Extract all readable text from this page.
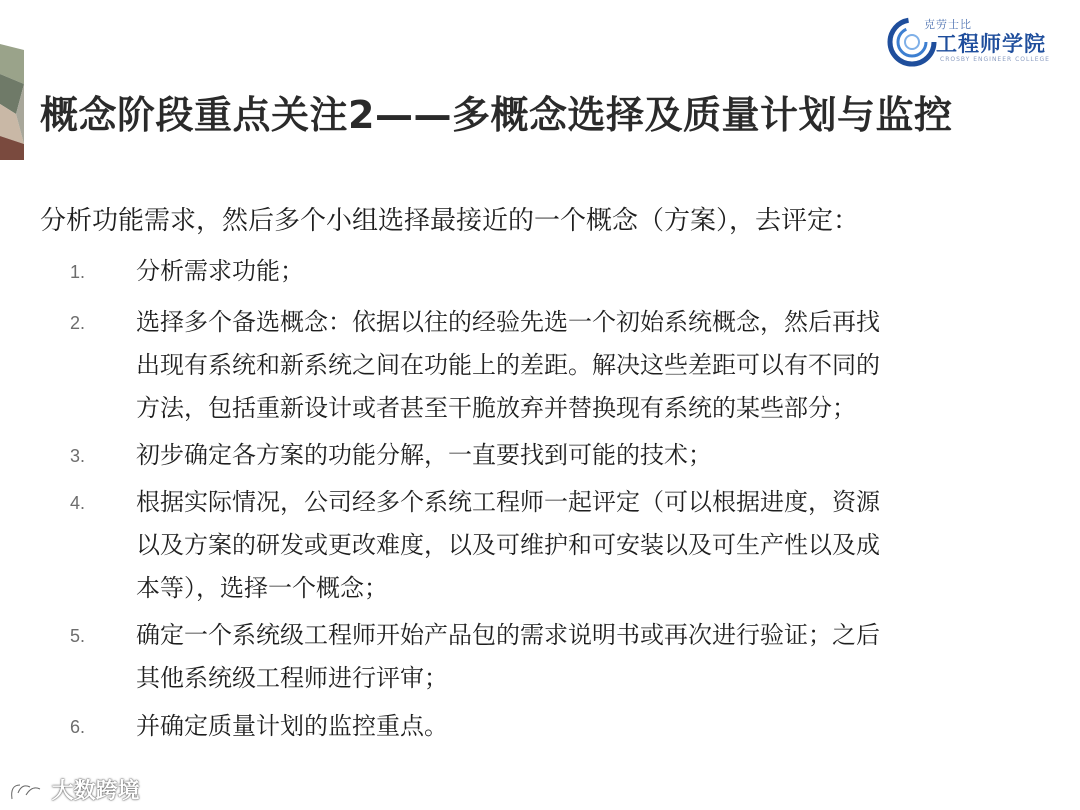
克劳士比
工程师学院
CROSBY ENGINEER COLLEGE
概念阶段重点关注2——多概念选择及质量计划与监控
分析功能需求，然后多个小组选择最接近的一个概念（方案），去评定：
1.	分析需求功能；
2.	选择多个备选概念：依据以往的经验先选一个初始系统概念，然后再找
出现有系统和新系统之间在功能上的差距。解决这些差距可以有不同的
方法，包括重新设计或者甚至干脆放弃并替换现有系统的某些部分；
3.	初步确定各方案的功能分解，一直要找到可能的技术；
4.	根据实际情况，公司经多个系统工程师一起评定（可以根据进度，资源
以及方案的研发或更改难度，以及可维护和可安装以及可生产性以及成
本等），选择一个概念；
5.	确定一个系统级工程师开始产品包的需求说明书或再次进行验证；之后
其他系统级工程师进行评审；
6.	并确定质量计划的监控重点。
大数跨境
